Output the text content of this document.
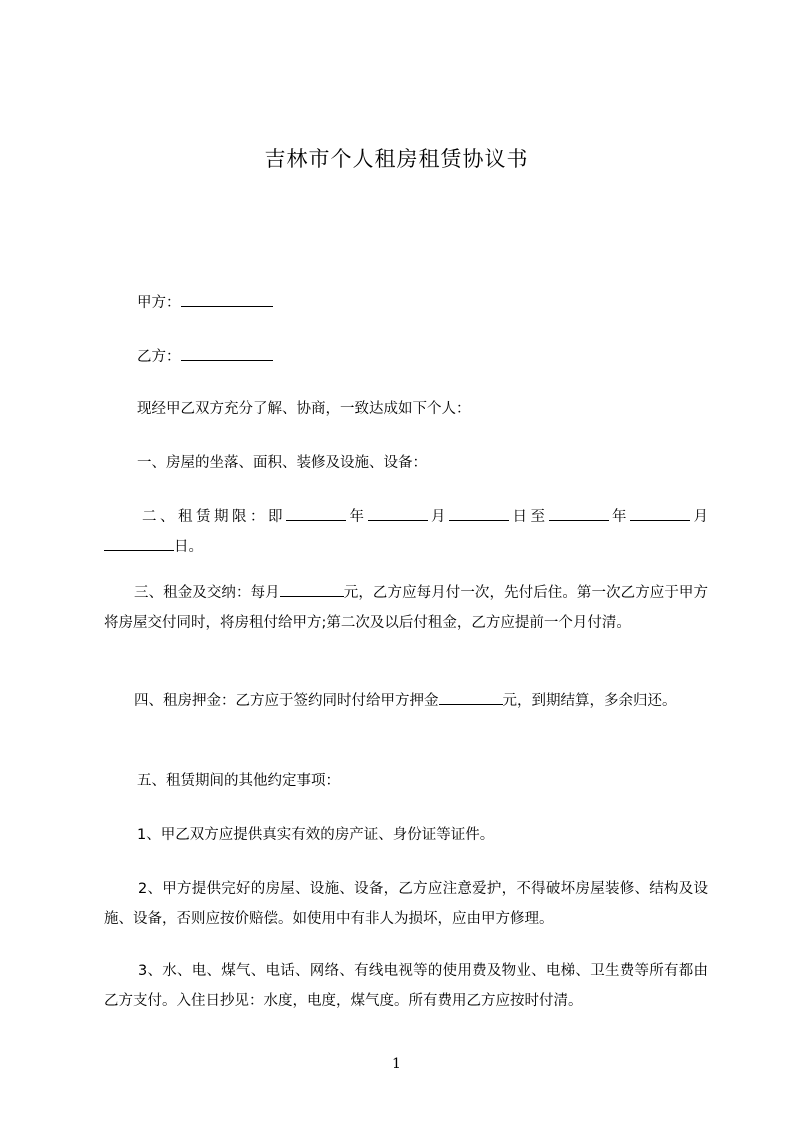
吉林市个人租房租赁协议书
甲方：
乙方：
现经甲乙双方充分了解、协商，一致达成如下个人：
一、房屋的坐落、面积、装修及设施、设备：
二、租赁期限：即	年	月	日至	年	月日。
三、租金及交纳：每月	元，乙方应每月付一次，先付后住。第一次乙方应于甲方将房屋交付同时，将房租付给甲方;第二次及以后付租金，乙方应提前一个月付清。
四、租房押金：乙方应于签约同时付给甲方押金	元，到期结算，多余归还。
五、租赁期间的其他约定事项：
1、甲乙双方应提供真实有效的房产证、身份证等证件。
2、甲方提供完好的房屋、设施、设备，乙方应注意爱护，不得破坏房屋装修、结构及设施、设备，否则应按价赔偿。如使用中有非人为损坏，应由甲方修理。
3、水、电、煤气、电话、网络、有线电视等的使用费及物业、电梯、卫生费等所有都由乙方支付。入住日抄见：水度，电度，煤气度。所有费用乙方应按时付清。
1
